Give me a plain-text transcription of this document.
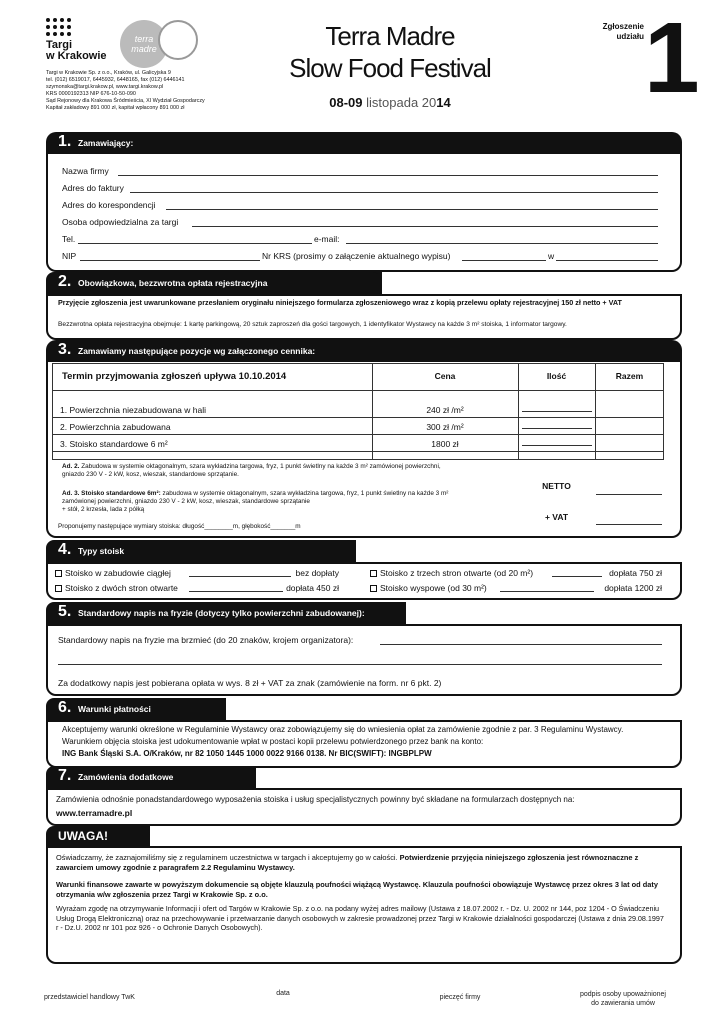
Targi
w Krakowie
terra madre
Targi w Krakowie Sp. z o.o., Kraków, ul. Galicyjska 9
tel. (012) 6519017, 6445932, 6448165, fax (012) 6446141
szymonska@targi.krakow.pl, www.targi.krakow.pl
KRS 0000192313 NIP 676-10-50-090
Sąd Rejonowy dla Krakowa Śródmieścia, XI Wydział Gospodarczy
Kapitał zakładowy 891 000 zł, kapitał wpłacony 891 000 zł
Terra Madre
Slow Food Festival
08-09 listopada 2014
Zgłoszenie udziału 1
1. Zamawiający:
Nazwa firmy
Adres do faktury
Adres do korespondencji
Osoba odpowiedzialna za targi
Tel.	e-mail:
NIP	Nr KRS (prosimy o załączenie aktualnego wypisu)	w
2. Obowiązkowa, bezzwrotna opłata rejestracyjna
Przyjęcie zgłoszenia jest uwarunkowane przesłaniem oryginału niniejszego formularza zgłoszeniowego wraz z kopią przelewu opłaty rejestracyjnej 150 zł netto + VAT
Bezzwrotna opłata rejestracyjna obejmuje: 1 kartę parkingową, 20 sztuk zaproszeń dla gości targowych, 1 identyfikator Wystawcy na każde 3 m² stoiska, 1 informator targowy.
3. Zamawiamy następujące pozycje wg załączonego cennika:
Termin przyjmowania zgłoszeń upływa 10.10.2014	Cena	Ilość	Razem
1. Powierzchnia niezabudowana w hali	240 zł /m²
2. Powierzchnia zabudowana	300 zł /m²
3. Stoisko standardowe 6 m²	1800 zł
Ad. 2. Zabudowa w systemie oktagonalnym, szara wykładzina targowa, fryz, 1 punkt świetlny na każde 3 m² zamówionej powierzchni, gniazdo 230 V - 2 kW, kosz, wieszak, standardowe sprzątanie.
Ad. 3. Stoisko standardowe 6m²: zabudowa w systemie oktagonalnym, szara wykładzina targowa, fryz, 1 punkt świetlny na każde 3 m² zamówionej powierzchni, gniazdo 230 V - 2 kW, kosz, wieszak, standardowe sprzątanie
+ stół, 2 krzesła, lada z półką
Proponujemy następujące wymiary stoiska: długość________m, głębokość_______m
NETTO
+ VAT
4. Typy stoisk
Stoisko w zabudowie ciągłej	bez dopłaty
Stoisko z dwóch stron otwarte	dopłata 450 zł
Stoisko z trzech stron otwarte (od 20 m²)	dopłata 750 zł
Stoisko wyspowe (od 30 m²)	dopłata 1200 zł
5. Standardowy napis na fryzie (dotyczy tylko powierzchni zabudowanej):
Standardowy napis na fryzie ma brzmieć (do 20 znaków, krojem organizatora):
Za dodatkowy napis jest pobierana opłata w wys. 8 zł + VAT za znak (zamówienie na form. nr 6 pkt. 2)
6. Warunki płatności
Akceptujemy warunki określone w Regulaminie Wystawcy oraz zobowiązujemy się do wniesienia opłat za zamówienie zgodnie z par. 3 Regulaminu Wystawcy.
Warunkiem objęcia stoiska jest udokumentowanie wpłat w postaci kopii przelewu potwierdzonego przez bank na konto:
ING Bank Śląski S.A. O/Kraków, nr 82 1050 1445 1000 0022 9166 0138. Nr BIC(SWIFT): INGBPLPW
7. Zamówienia dodatkowe
Zamówienia odnośnie ponadstandardowego wyposażenia stoiska i usług specjalistycznych powinny być składane na formularzach dostępnych na:
www.terramadre.pl
UWAGA!
Oświadczamy, że zaznajomiliśmy się z regulaminem uczestnictwa w targach i akceptujemy go w całości. Potwierdzenie przyjęcia niniejszego zgłoszenia jest równoznaczne z zawarciem umowy zgodnie z paragrafem 2.2 Regulaminu Wystawcy.
Warunki finansowe zawarte w powyższym dokumencie są objęte klauzulą poufności wiążącą Wystawcę. Klauzula poufności obowiązuje Wystawcę przez okres 3 lat od daty otrzymania w/w zgłoszenia przez Targi w Krakowie Sp. z o.o.
Wyrażam zgodę na otrzymywanie Informacji i ofert od Targów w Krakowie Sp. z o.o. na podany wyżej adres mailowy (Ustawa z 18.07.2002 r. - Dz. U. 2002 nr 144, poz 1204 - O Świadczeniu Usług Drogą Elektroniczną) oraz na przechowywanie i przetwarzanie danych osobowych w zakresie prowadzonej przez Targi w Krakowie działalności gospodarczej (Ustawa z dnia 29.08.1997 r - Dz.U. 2002 nr 101 poz 926 - o Ochronie Danych Osobowych).
przedstawiciel handlowy TwK
data
pieczęć firmy	podpis osoby upoważnionej
do zawierania umów
